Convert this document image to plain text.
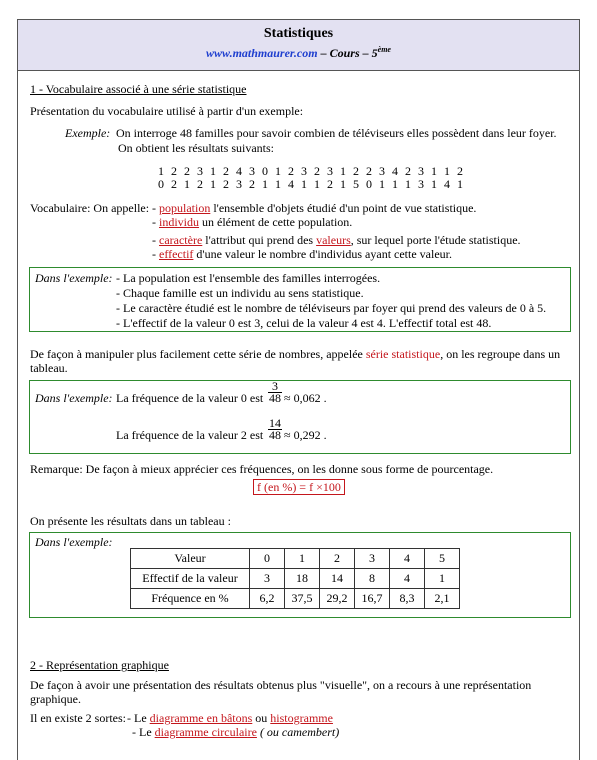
Statistiques
www.mathmaurer.com – Cours – 5ème
1 - Vocabulaire associé à une série statistique
Présentation du vocabulaire utilisé à partir d'un exemple:
Exemple: On interroge 48 familles pour savoir combien de téléviseurs elles possèdent dans leur foyer.
On obtient les résultats suivants:
1 2 2 3 1 2 4 3 0 1 2 3 2 3 1 2 2 3 4 2 3 1 1 2
0 2 1 2 1 2 3 2 1 1 4 1 1 2 1 5 0 1 1 1 3 1 4 1
Vocabulaire: On appelle: - population l'ensemble d'objets étudié d'un point de vue statistique.
- individu un élément de cette population.
- caractère l'attribut qui prend des valeurs, sur lequel porte l'étude statistique.
- effectif d'une valeur le nombre d'individus ayant cette valeur.
Dans l'exemple: - La population est l'ensemble des familles interrogées.
- Chaque famille est un individu au sens statistique.
- Le caractère étudié est le nombre de téléviseurs par foyer qui prend des valeurs de 0 à 5.
- L'effectif de la valeur 0 est 3, celui de la valeur 4 est 4. L'effectif total est 48.
De façon à manipuler plus facilement cette série de nombres, appelée série statistique, on les regroupe dans un
tableau.
Dans l'exemple: La fréquence de la valeur 0 est $\frac{3}{48} \approx 0,062$ .
La fréquence de la valeur 2 est $\frac{14}{48} \approx 0,292$ .
Remarque: De façon à mieux apprécier ces fréquences, on les donne sous forme de pourcentage.
f (en %) = f ×100
On présente les résultats dans un tableau :
Dans l'exemple:
Valeur	0	1	2	3	4	5
Effectif de la valeur	3	18	14	8	4	1
Fréquence en %	6,2	37,5	29,2	16,7	8,3	2,1
2 - Représentation graphique
De façon à avoir une présentation des résultats obtenus plus "visuelle", on a recours à une représentation
graphique.
Il en existe 2 sortes: - Le diagramme en bâtons ou histogramme
- Le diagramme circulaire ( ou camembert)
